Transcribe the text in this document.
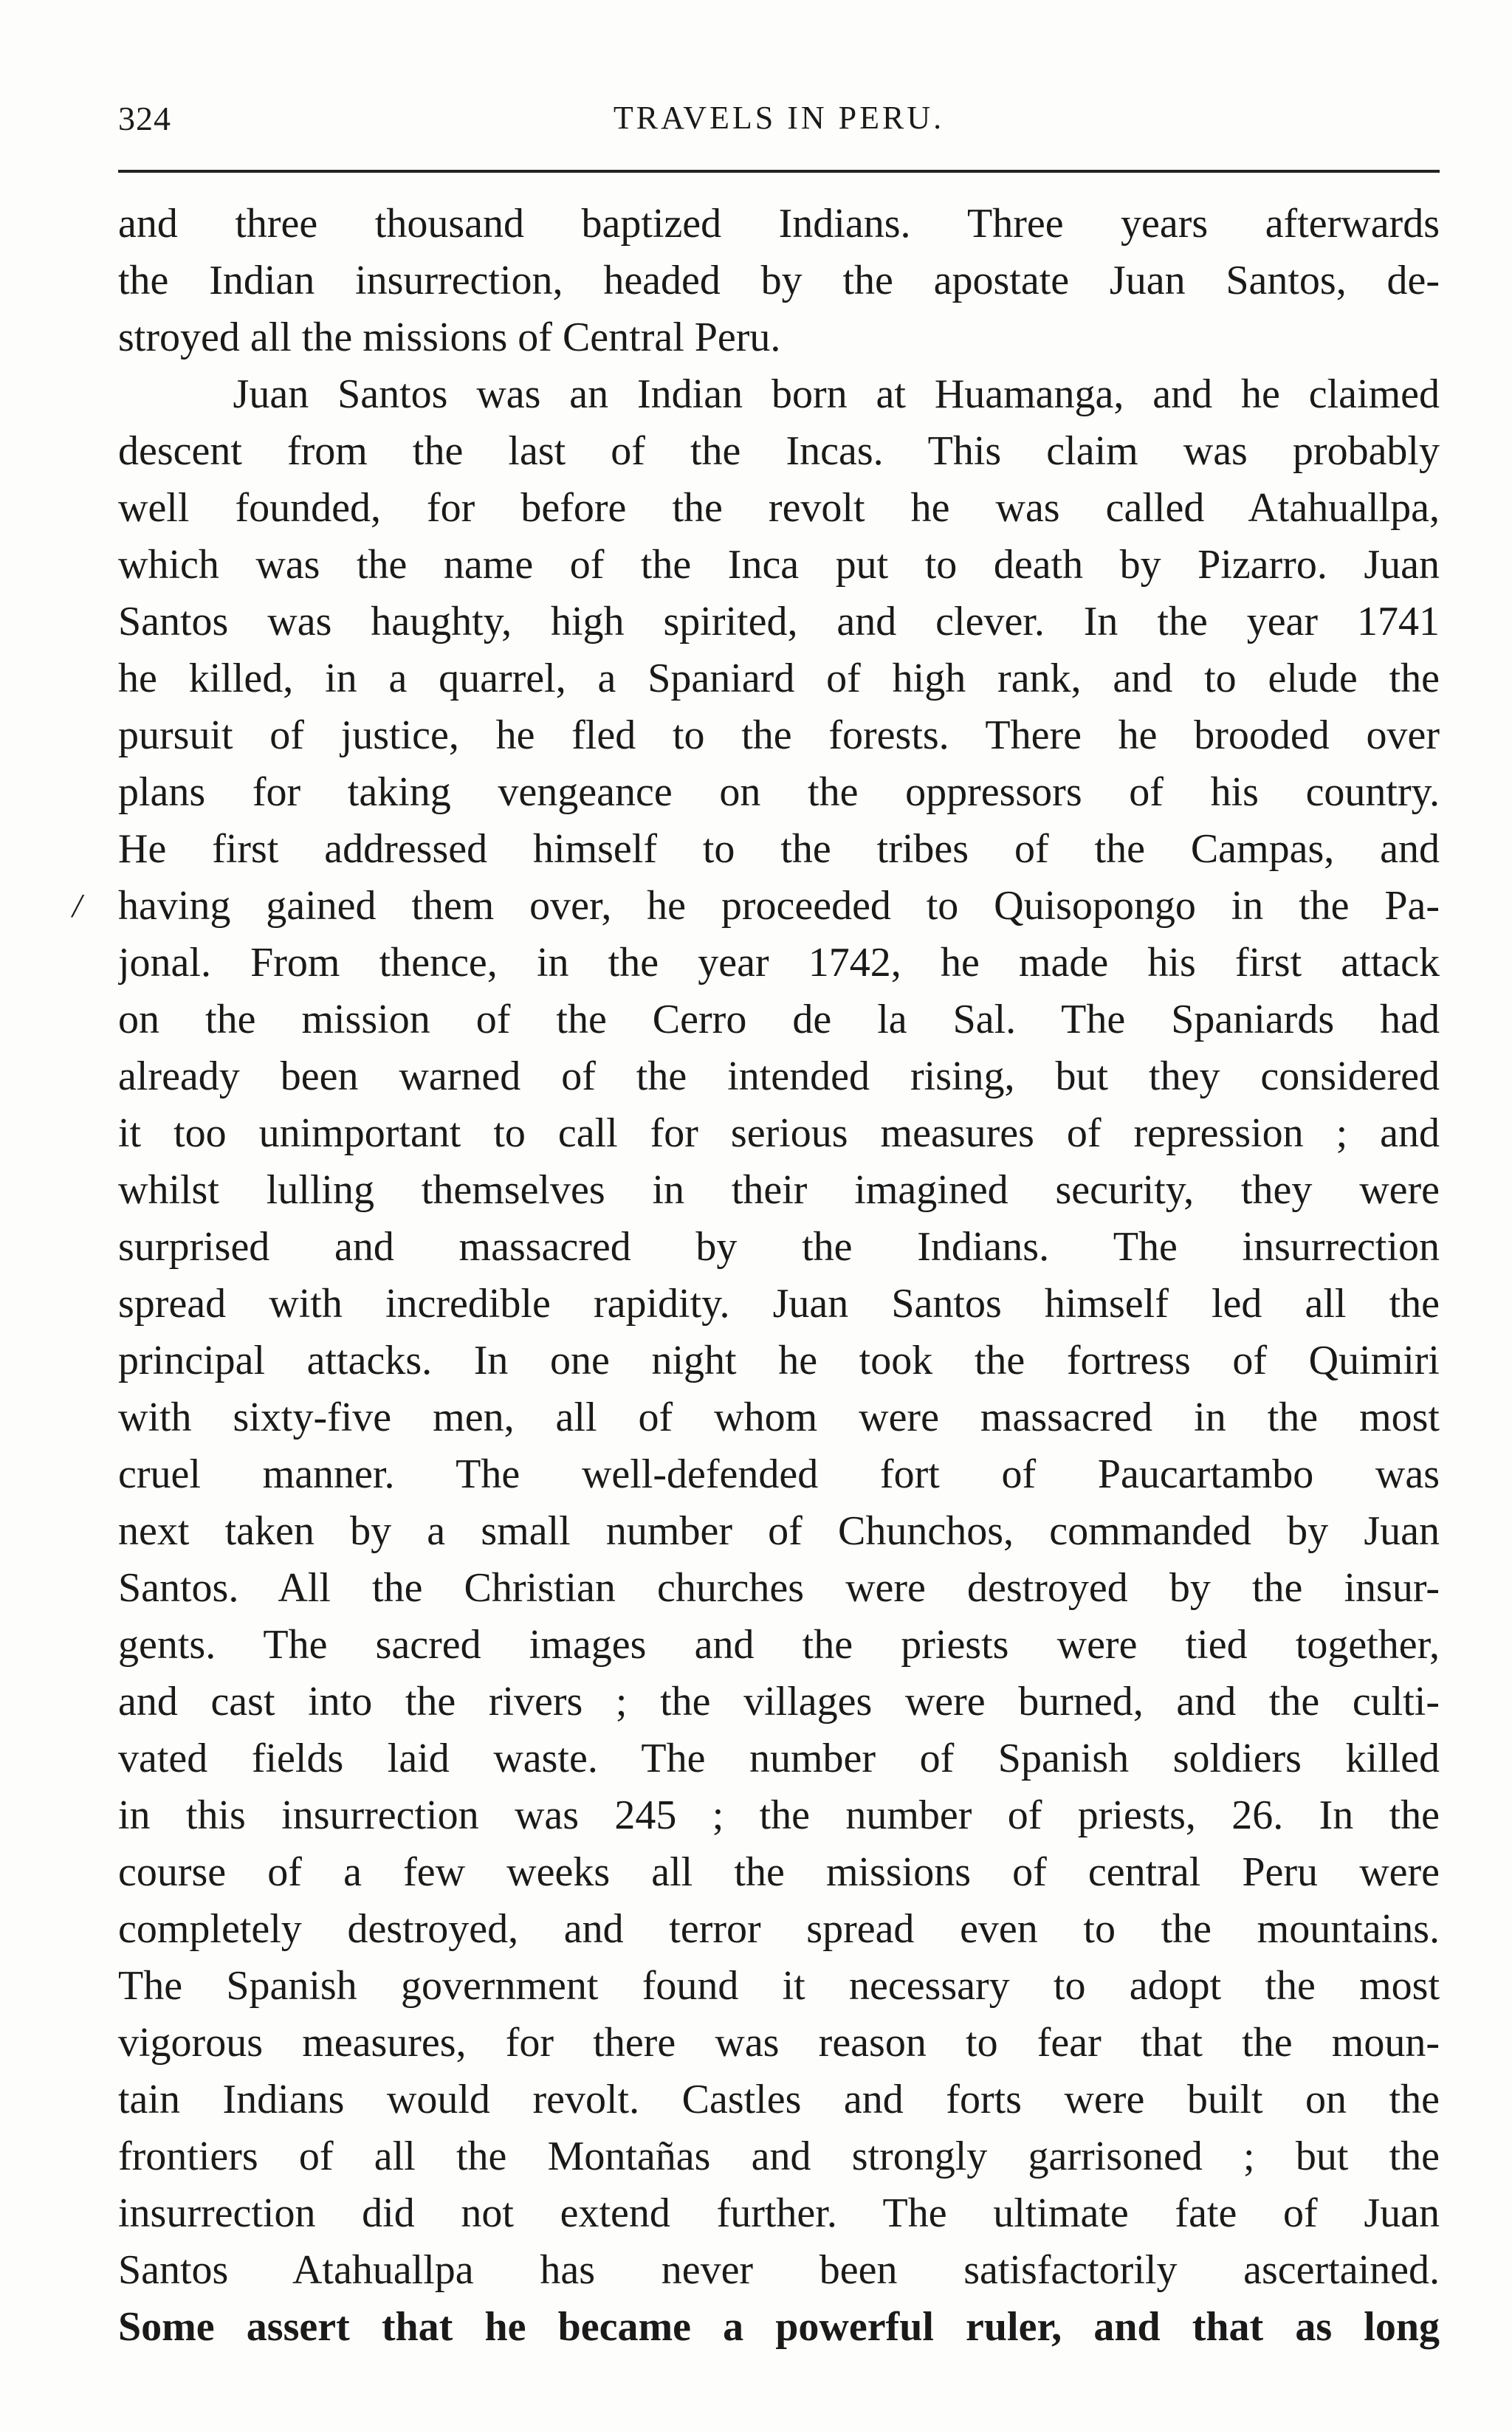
324	TRAVELS IN PERU.
/
and three thousand baptized Indians. Three years afterwards
the Indian insurrection, headed by the apostate Juan Santos, de-
stroyed all the missions of Central Peru.
Juan Santos was an Indian born at Huamanga, and he claimed
descent from the last of the Incas. This claim was probably
well founded, for before the revolt he was called Atahuallpa,
which was the name of the Inca put to death by Pizarro. Juan
Santos was haughty, high spirited, and clever. In the year 1741
he killed, in a quarrel, a Spaniard of high rank, and to elude the
pursuit of justice, he fled to the forests. There he brooded over
plans for taking vengeance on the oppressors of his country.
He first addressed himself to the tribes of the Campas, and
having gained them over, he proceeded to Quisopongo in the Pa-
jonal. From thence, in the year 1742, he made his first attack
on the mission of the Cerro de la Sal. The Spaniards had
already been warned of the intended rising, but they considered
it too unimportant to call for serious measures of repression ; and
whilst lulling themselves in their imagined security, they were
surprised and massacred by the Indians. The insurrection
spread with incredible rapidity. Juan Santos himself led all the
principal attacks. In one night he took the fortress of Quimiri
with sixty-five men, all of whom were massacred in the most
cruel manner. The well-defended fort of Paucartambo was
next taken by a small number of Chunchos, commanded by Juan
Santos. All the Christian churches were destroyed by the insur-
gents. The sacred images and the priests were tied together,
and cast into the rivers ; the villages were burned, and the culti-
vated fields laid waste. The number of Spanish soldiers killed
in this insurrection was 245 ; the number of priests, 26. In the
course of a few weeks all the missions of central Peru were
completely destroyed, and terror spread even to the mountains.
The Spanish government found it necessary to adopt the most
vigorous measures, for there was reason to fear that the moun-
tain Indians would revolt. Castles and forts were built on the
frontiers of all the Montañas and strongly garrisoned ; but the
insurrection did not extend further. The ultimate fate of Juan
Santos Atahuallpa has never been satisfactorily ascertained.
Some assert that he became a powerful ruler, and that as long
